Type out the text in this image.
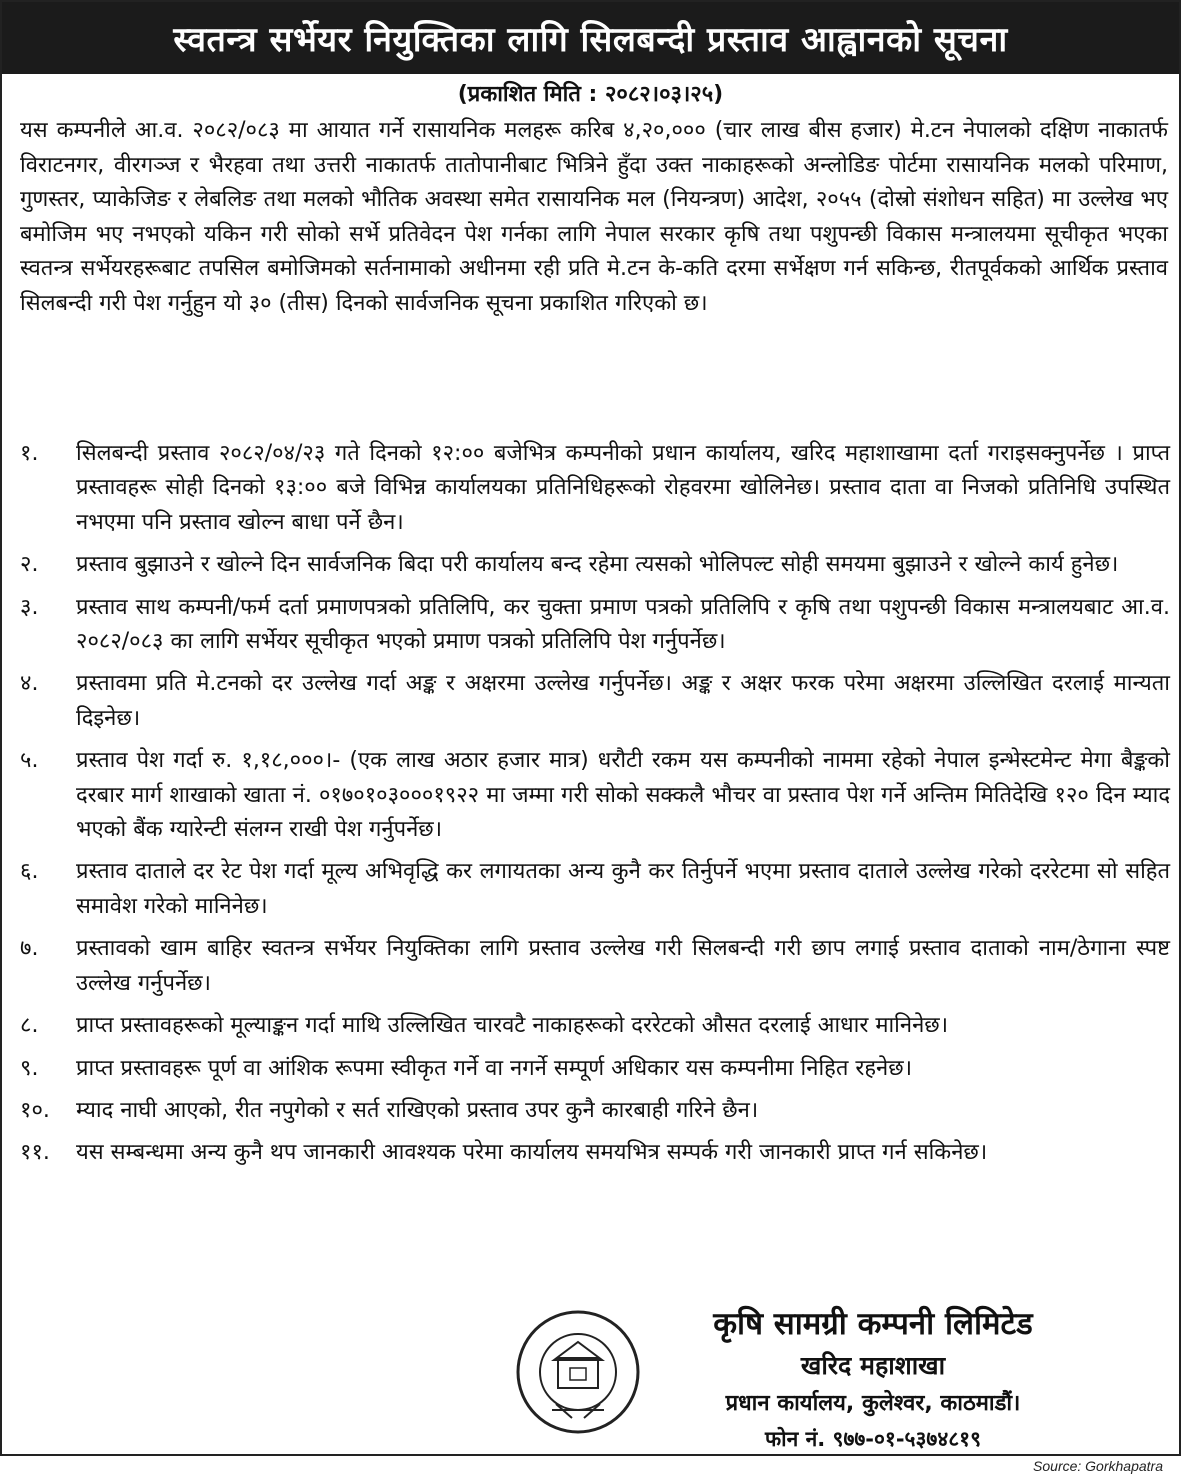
स्वतन्त्र सर्भेयर नियुक्तिका लागि सिलबन्दी प्रस्ताव आह्वानको सूचना
(प्रकाशित मिति : २०८२।०३।२५)

यस कम्पनीले आ.व. २०८२/०८३ मा आयात गर्ने रासायनिक मलहरू करिब ४,२०,००० (चार लाख बीस हजार) मे.टन नेपालको दक्षिण नाकातर्फ विराटनगर, वीरगञ्ज र भैरहवा तथा उत्तरी नाकातर्फ तातोपानीबाट भित्रिने हुँदा उक्त नाकाहरूको अन्लोडिङ पोर्टमा रासायनिक मलको परिमाण, गुणस्तर, प्याकेजिङ र लेबलिङ तथा मलको भौतिक अवस्था समेत रासायनिक मल (नियन्त्रण) आदेश, २०५५ (दोस्रो संशोधन सहित) मा उल्लेख भए बमोजिम भए नभएको यकिन गरी सोको सर्भे प्रतिवेदन पेश गर्नका लागि नेपाल सरकार कृषि तथा पशुपन्छी विकास मन्त्रालयमा सूचीकृत भएका स्वतन्त्र सर्भेयरहरूबाट तपसिल बमोजिमको सर्तनामाको अधीनमा रही प्रति मे.टन के-कति दरमा सर्भेक्षण गर्न सकिन्छ, रीतपूर्वकको आर्थिक प्रस्ताव सिलबन्दी गरी पेश गर्नुहुन यो ३० (तीस) दिनको सार्वजनिक सूचना प्रकाशित गरिएको छ।

१.	सिलबन्दी प्रस्ताव २०८२/०४/२३ गते दिनको १२:०० बजेभित्र कम्पनीको प्रधान कार्यालय, खरिद महाशाखामा दर्ता गराइसक्नुपर्नेछ । प्राप्त प्रस्तावहरू सोही दिनको १३:०० बजे विभिन्न कार्यालयका प्रतिनिधिहरूको रोहवरमा खोलिनेछ। प्रस्ताव दाता वा निजको प्रतिनिधि उपस्थित नभएमा पनि प्रस्ताव खोल्न बाधा पर्ने छैन।
२.	प्रस्ताव बुझाउने र खोल्ने दिन सार्वजनिक बिदा परी कार्यालय बन्द रहेमा त्यसको भोलिपल्ट सोही समयमा बुझाउने र खोल्ने कार्य हुनेछ।
३.	प्रस्ताव साथ कम्पनी/फर्म दर्ता प्रमाणपत्रको प्रतिलिपि, कर चुक्ता प्रमाण पत्रको प्रतिलिपि र कृषि तथा पशुपन्छी विकास मन्त्रालयबाट आ.व. २०८२/०८३ का लागि सर्भेयर सूचीकृत भएको प्रमाण पत्रको प्रतिलिपि पेश गर्नुपर्नेछ।
४.	प्रस्तावमा प्रति मे.टनको दर उल्लेख गर्दा अङ्क र अक्षरमा उल्लेख गर्नुपर्नेछ। अङ्क र अक्षर फरक परेमा अक्षरमा उल्लिखित दरलाई मान्यता दिइनेछ।
५.	प्रस्ताव पेश गर्दा रु. १,१८,०००।- (एक लाख अठार हजार मात्र) धरौटी रकम यस कम्पनीको नाममा रहेको नेपाल इन्भेस्टमेन्ट मेगा बैङ्कको दरबार मार्ग शाखाको खाता नं. ०१७०१०३०००१९२२ मा जम्मा गरी सोको सक्कलै भौचर वा प्रस्ताव पेश गर्ने अन्तिम मितिदेखि १२० दिन म्याद भएको बैंक ग्यारेन्टी संलग्न राखी पेश गर्नुपर्नेछ।
६.	प्रस्ताव दाताले दर रेट पेश गर्दा मूल्य अभिवृद्धि कर लगायतका अन्य कुनै कर तिर्नुपर्ने भएमा प्रस्ताव दाताले उल्लेख गरेको दररेटमा सो सहित समावेश गरेको मानिनेछ।
७.	प्रस्तावको खाम बाहिर स्वतन्त्र सर्भेयर नियुक्तिका लागि प्रस्ताव उल्लेख गरी सिलबन्दी गरी छाप लगाई प्रस्ताव दाताको नाम/ठेगाना स्पष्ट उल्लेख गर्नुपर्नेछ।
८.	प्राप्त प्रस्तावहरूको मूल्याङ्कन गर्दा माथि उल्लिखित चारवटै नाकाहरूको दररेटको औसत दरलाई आधार मानिनेछ।
९.	प्राप्त प्रस्तावहरू पूर्ण वा आंशिक रूपमा स्वीकृत गर्ने वा नगर्ने सम्पूर्ण अधिकार यस कम्पनीमा निहित रहनेछ।
१०.	म्याद नाघी आएको, रीत नपुगेको र सर्त राखिएको प्रस्ताव उपर कुनै कारबाही गरिने छैन।
११.	यस सम्बन्धमा अन्य कुनै थप जानकारी आवश्यक परेमा कार्यालय समयभित्र सम्पर्क गरी जानकारी प्राप्त गर्न सकिनेछ।
कृषि सामग्री कम्पनी लिमिटेड
खरिद महाशाखा
प्रधान कार्यालय, कुलेश्वर, काठमाडौं।
फोन नं. ९७७-०१-५३७४८१९
Source: Gorkhapatra
